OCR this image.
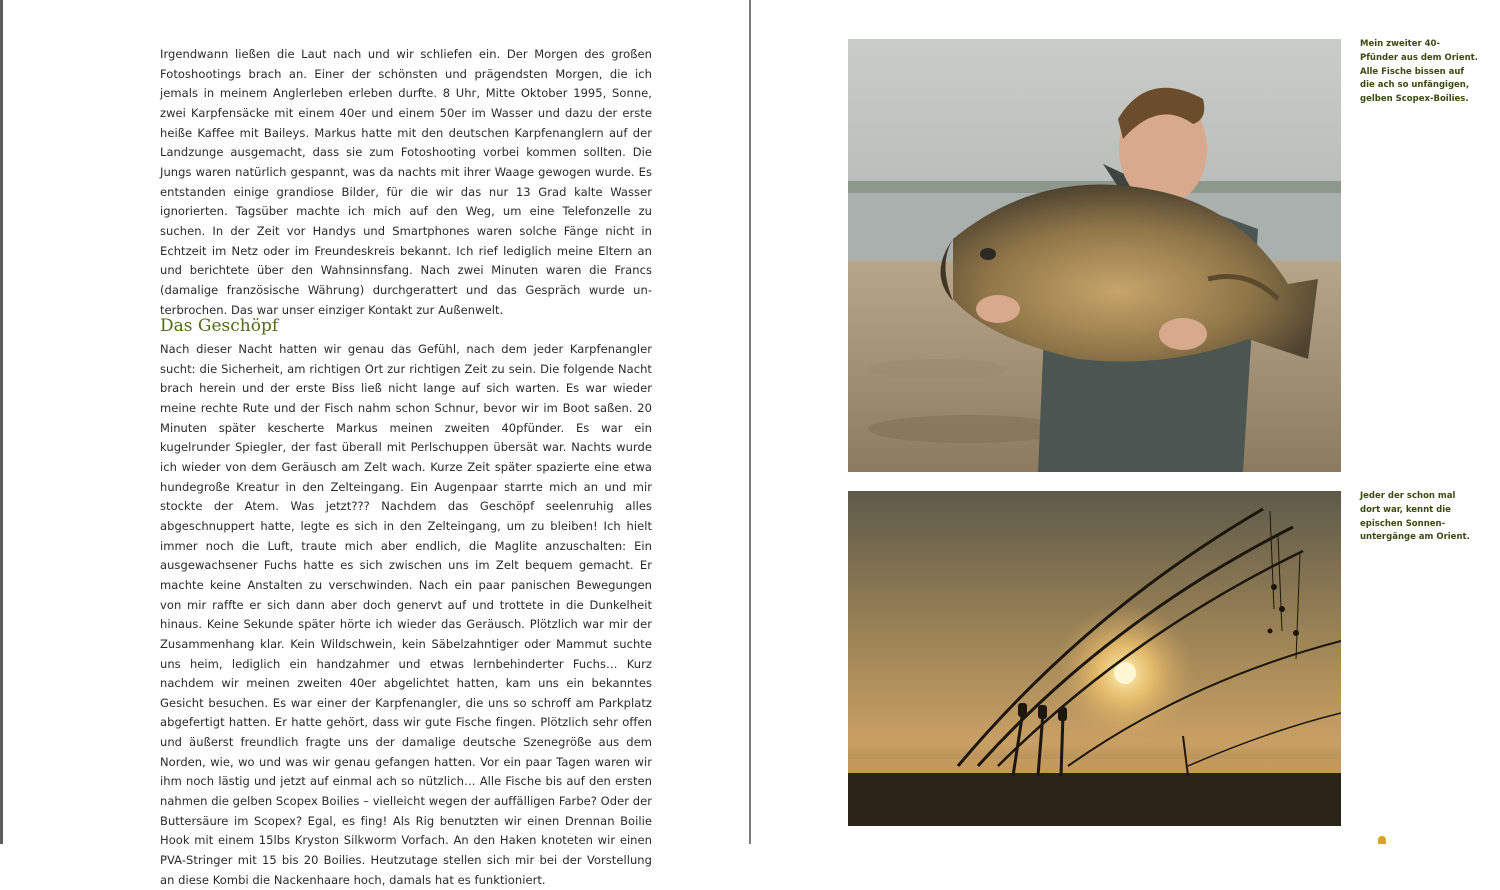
Irgendwann ließen die Laut nach und wir schliefen ein. Der Morgen des großen Fotoshootings brach an. Einer der schönsten und prägendsten Morgen, die ich jemals in meinem Anglerleben erleben durfte. 8 Uhr, Mitte Oktober 1995, Sonne, zwei Karpfensäcke mit einem 40er und einem 50er im Wasser und dazu der erste heiße Kaffee mit Baileys. Markus hatte mit den deutschen Karpfenanglern auf der Landzunge ausgemacht, dass sie zum Fotoshooting vorbei kommen sollten. Die Jungs waren natürlich gespannt, was da nachts mit ihrer Waage gewogen wurde. Es entstanden einige grandiose Bilder, für die wir das nur 13 Grad kalte Wasser ignorierten. Tagsüber machte ich mich auf den Weg, um eine Telefonzelle zu suchen. In der Zeit vor Handys und Smartphones waren solche Fänge nicht in Echtzeit im Netz oder im Freundeskreis bekannt. Ich rief lediglich meine Eltern an und berichtete über den Wahnsinnsfang. Nach zwei Minuten waren die Francs (damalige französische Währung) durchgerattert und das Gespräch wurde unterbrochen. Das war unser einziger Kontakt zur Außenwelt.

Das Geschöpf

Nach dieser Nacht hatten wir genau das Gefühl, nach dem jeder Karpfenangler sucht: die Sicherheit, am richtigen Ort zur richtigen Zeit zu sein. Die folgende Nacht brach herein und der erste Biss ließ nicht lange auf sich warten. Es war wieder meine rechte Rute und der Fisch nahm schon Schnur, bevor wir im Boot saßen. 20 Minuten später kescherte Markus meinen zweiten 40pfünder. Es war ein kugelrunder Spiegler, der fast überall mit Perlschuppen übersät war. Nachts wurde ich wieder von dem Geräusch am Zelt wach. Kurze Zeit später spazierte eine etwa hundegroße Kreatur in den Zelteingang. Ein Augenpaar starrte mich an und mir stockte der Atem. Was jetzt??? Nachdem das Geschöpf seelenruhig alles abgeschnuppert hatte, legte es sich in den Zelteingang, um zu bleiben! Ich hielt immer noch die Luft, traute mich aber endlich, die Maglite anzuschalten: Ein ausgewachsener Fuchs hatte es sich zwischen uns im Zelt bequem gemacht. Er machte keine Anstalten zu verschwinden. Nach ein paar panischen Bewegungen von mir raffte er sich dann aber doch genervt auf und trottete in die Dunkelheit hinaus. Keine Sekunde später hörte ich wieder das Geräusch. Plötzlich war mir der Zusammenhang klar. Kein Wildschwein, kein Säbelzahntiger oder Mammut suchte uns heim, lediglich ein handzahmer und etwas lernbehinderter Fuchs… Kurz nachdem wir meinen zweiten 40er abgelichtet hatten, kam uns ein bekanntes Gesicht besuchen. Es war einer der Karpfenangler, die uns so schroff am Parkplatz abgefertigt hatten. Er hatte gehört, dass wir gute Fische fingen. Plötzlich sehr offen und äußerst freundlich fragte uns der damalige deutsche Szenegröße aus dem Norden, wie, wo und was wir genau gefangen hatten. Vor ein paar Tagen waren wir ihm noch lästig und jetzt auf einmal ach so nützlich… Alle Fische bis auf den ersten nahmen die gelben Scopex Boilies – vielleicht wegen der auffälligen Farbe? Oder der Buttersäure im Scopex? Egal, es fing! Als Rig benutzten wir einen Drennan Boilie Hook mit einem 15lbs Kryston Silkworm Vorfach. An den Haken knoteten wir einen PVA-Stringer mit 15 bis 20 Boilies. Heutzutage stellen sich mir bei der Vorstellung an diese Kombi die Nackenhaare hoch, damals hat es funktioniert.

Mein zweiter 40-Pfünder aus dem Orient. Alle Fische bissen auf die ach so unfängigen, gelben Scopex-Boilies.

Jeder der schon mal dort war, kennt die epischen Sonnenuntergänge am Orient.
